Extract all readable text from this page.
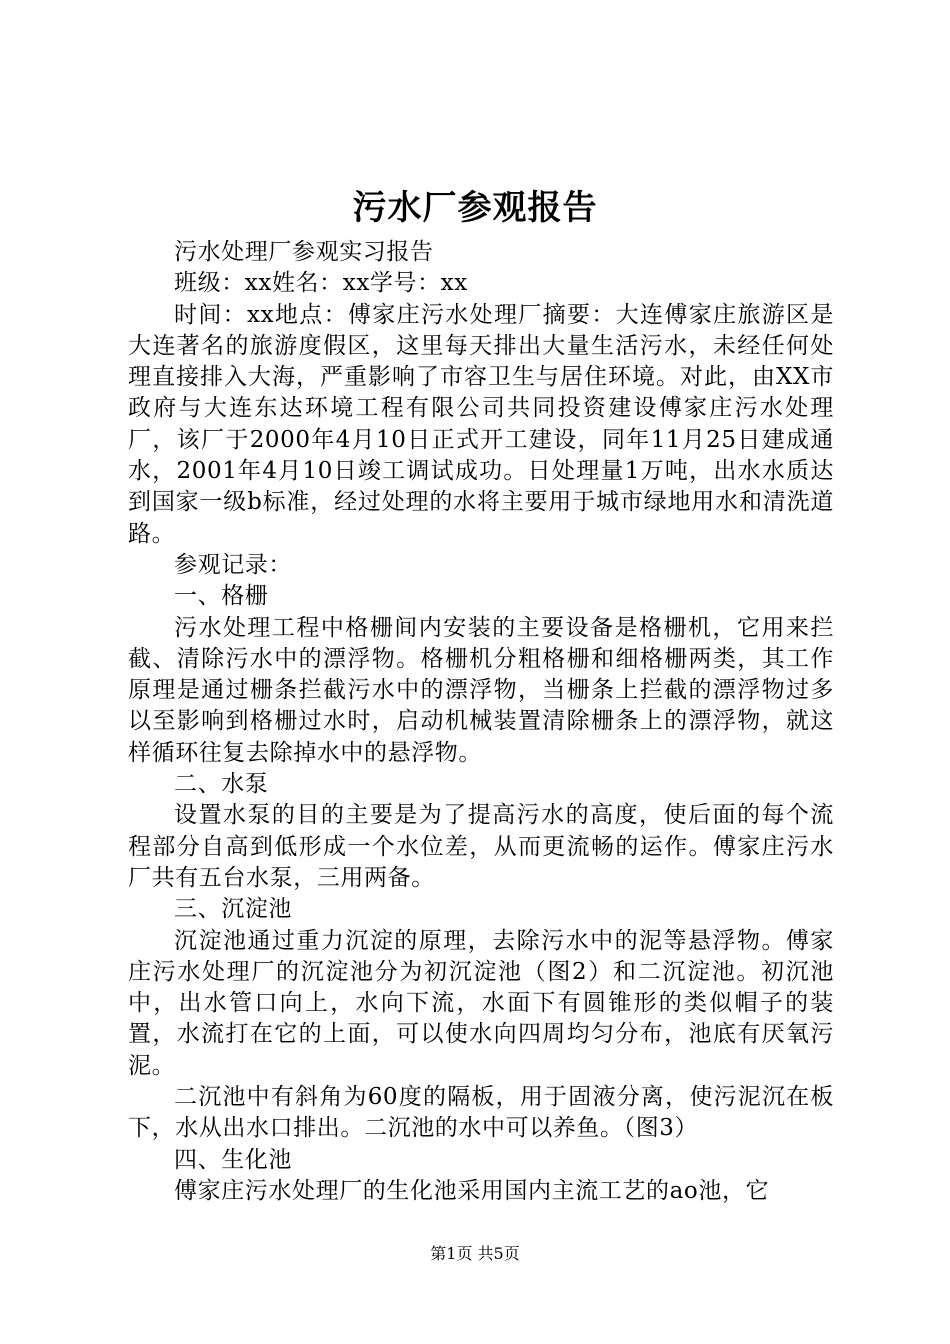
污水厂参观报告

污水处理厂参观实习报告

班级：xx姓名：xx学号：xx

时间：xx地点：傅家庄污水处理厂摘要：大连傅家庄旅游区是大连著名的旅游度假区，这里每天排出大量生活污水，未经任何处理直接排入大海，严重影响了市容卫生与居住环境。对此，由XX市政府与大连东达环境工程有限公司共同投资建设傅家庄污水处理厂，该厂于2000年4月10日正式开工建设，同年11月25日建成通水，2001年4月10日竣工调试成功。日处理量1万吨，出水水质达到国家一级b标准，经过处理的水将主要用于城市绿地用水和清洗道路。

参观记录：

一、格栅

污水处理工程中格栅间内安装的主要设备是格栅机，它用来拦截、清除污水中的漂浮物。格栅机分粗格栅和细格栅两类，其工作原理是通过栅条拦截污水中的漂浮物，当栅条上拦截的漂浮物过多以至影响到格栅过水时，启动机械装置清除栅条上的漂浮物，就这样循环往复去除掉水中的悬浮物。

二、水泵

设置水泵的目的主要是为了提高污水的高度，使后面的每个流程部分自高到低形成一个水位差，从而更流畅的运作。傅家庄污水厂共有五台水泵，三用两备。

三、沉淀池

沉淀池通过重力沉淀的原理，去除污水中的泥等悬浮物。傅家庄污水处理厂的沉淀池分为初沉淀池（图2）和二沉淀池。初沉池中，出水管口向上，水向下流，水面下有圆锥形的类似帽子的装置，水流打在它的上面，可以使水向四周均匀分布，池底有厌氧污泥。

二沉池中有斜角为60度的隔板，用于固液分离，使污泥沉在板下，水从出水口排出。二沉池的水中可以养鱼。（图3）

四、生化池

傅家庄污水处理厂的生化池采用国内主流工艺的ao池，它

第1页 共5页
